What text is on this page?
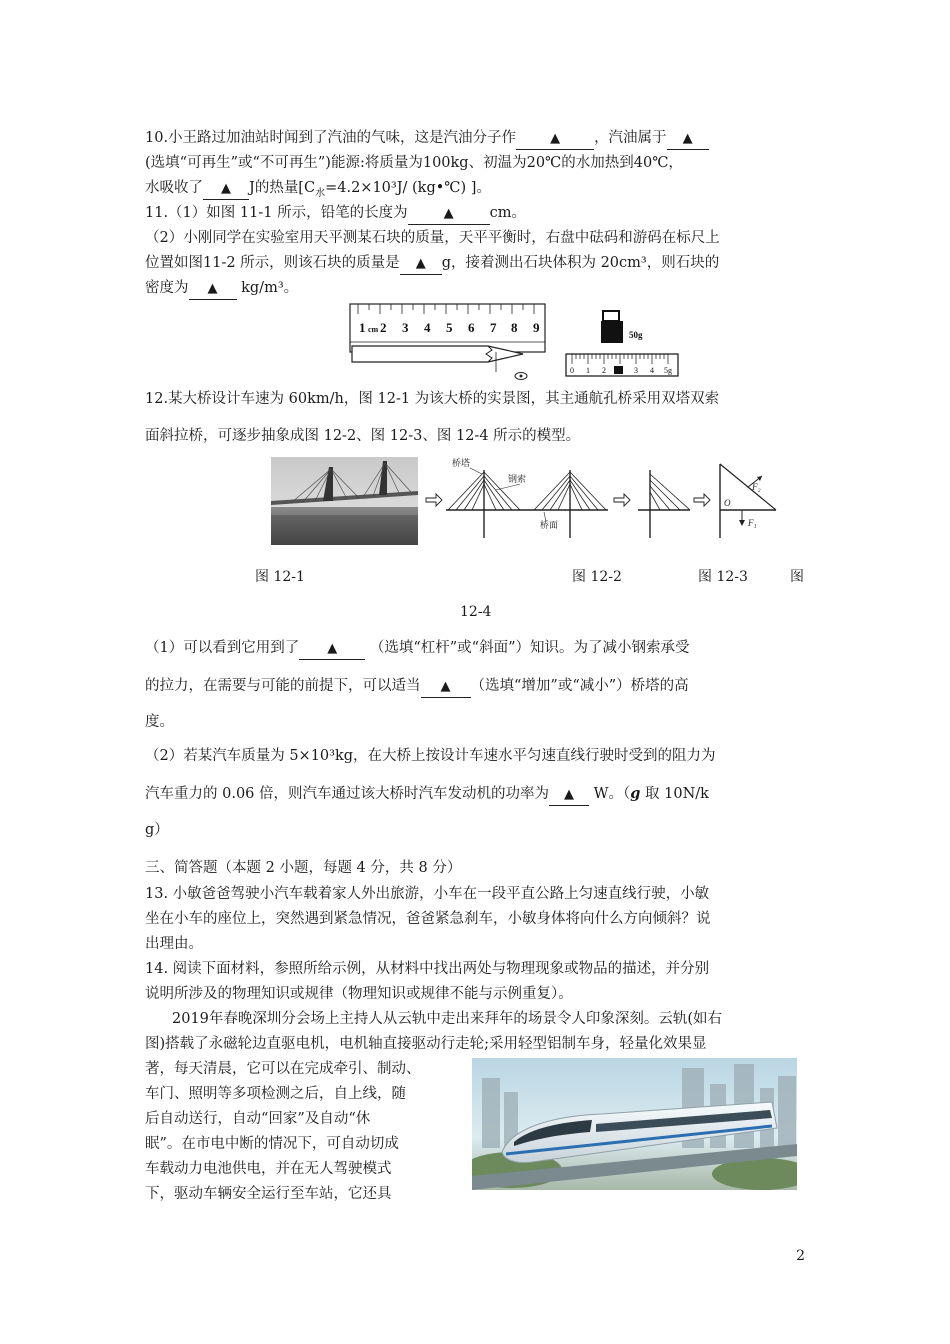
10.小王路过加油站时闻到了汽油的气味，这是汽油分子作	▲ ，汽油属于 ▲
(选填“可再生”或“不可再生”)能源:将质量为100kg、初温为20℃的水加热到40℃，
水吸收了 ▲ J的热量[$C_水=4.2\times 10^3J/$ (kg•℃) ]。
11.（1）如图 11-1 所示，铅笔的长度为	▲ cm。
（2）小刚同学在实验室用天平测某石块的质量，天平平衡时，右盘中砝码和游码在标尺上
位置如图11-2 所示，则该石块的质量是 ▲ g，接着测出石块体积为 20cm³，则石块的
密度为 ▲ kg/m³。
1 cm 2 3 4 5 6 7 8 9	50g
0 1 2	3 4 5g
12.某大桥设计车速为 60km/h，图 12-1 为该大桥的实景图，其主通航孔桥采用双塔双索
面斜拉桥，可逐步抽象成图 12-2、图 12-3、图 12-4 所示的模型。
桥塔
钢索
桥面
O
F₂
F₁
图 12-1	图 12-2	图 12-3	图
12-4
（1）可以看到它用到了 ▲ （选填“杠杆”或“斜面”）知识。为了减小钢索承受
的拉力，在需要与可能的前提下，可以适当 ▲ （选填“增加”或“减小”）桥塔的高
度。
（2）若某汽车质量为 5×10³kg，在大桥上按设计车速水平匀速直线行驶时受到的阻力为
汽车重力的 0.06 倍，则汽车通过该大桥时汽车发动机的功率为 ▲ W。（g 取 10N/k
g）
三、简答题（本题 2 小题，每题 4 分，共 8 分）
13. 小敏爸爸驾驶小汽车载着家人外出旅游，小车在一段平直公路上匀速直线行驶，小敏
坐在小车的座位上，突然遇到紧急情况，爸爸紧急刹车，小敏身体将向什么方向倾斜？说
出理由。
14. 阅读下面材料，参照所给示例，从材料中找出两处与物理现象或物品的描述，并分别
说明所涉及的物理知识或规律（物理知识或规律不能与示例重复）。
2019年春晚深圳分会场上主持人从云轨中走出来拜年的场景令人印象深刻。云轨(如右
图)搭载了永磁轮边直驱电机，电机轴直接驱动行走轮;采用轻型铝制车身，轻量化效果显
著，每天清晨，它可以在完成牵引、制动、
车门、照明等多项检测之后，自上线，随
后自动送行，自动“回家”及自动“休
眠”。在市电中断的情况下，可自动切成
车载动力电池供电，并在无人驾驶模式
下，驱动车辆安全运行至车站，它还具
2
